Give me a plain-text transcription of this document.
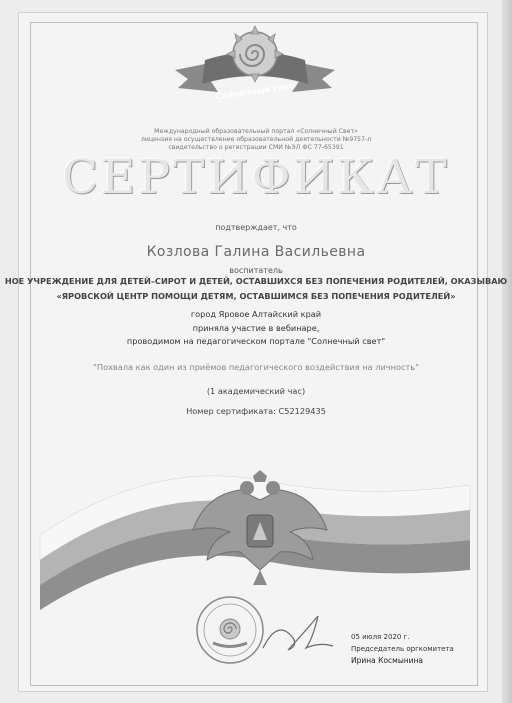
Солнечный свет
Международный образовательный портал «Солнечный Свет»
лицензия на осуществление образовательной деятельности №9757-л
свидетельство о регистрации СМИ №ЭЛ ФС 77-65391
СЕРТИФИКАТ
подтверждает, что
Козлова Галина Васильевна
воспитатель
НОЕ УЧРЕЖДЕНИЕ ДЛЯ ДЕТЕЙ–СИРОТ И ДЕТЕЙ, ОСТАВШИХСЯ БЕЗ ПОПЕЧЕНИЯ РОДИТЕЛЕЙ, ОКАЗЫВАЮ
«ЯРОВСКОЙ ЦЕНТР ПОМОЩИ ДЕТЯМ, ОСТАВШИМСЯ БЕЗ ПОПЕЧЕНИЯ РОДИТЕЛЕЙ»
город Яровое Алтайский край
приняла участие в вебинаре,
проводимом на педагогическом портале "Солнечный свет"
"Похвала как один из приёмов педагогического воздействия на личность"
(1 академический час)
Номер сертификата: С52129435
05 июля 2020 г.
Председатель оргкомитета
Ирина Космынина
